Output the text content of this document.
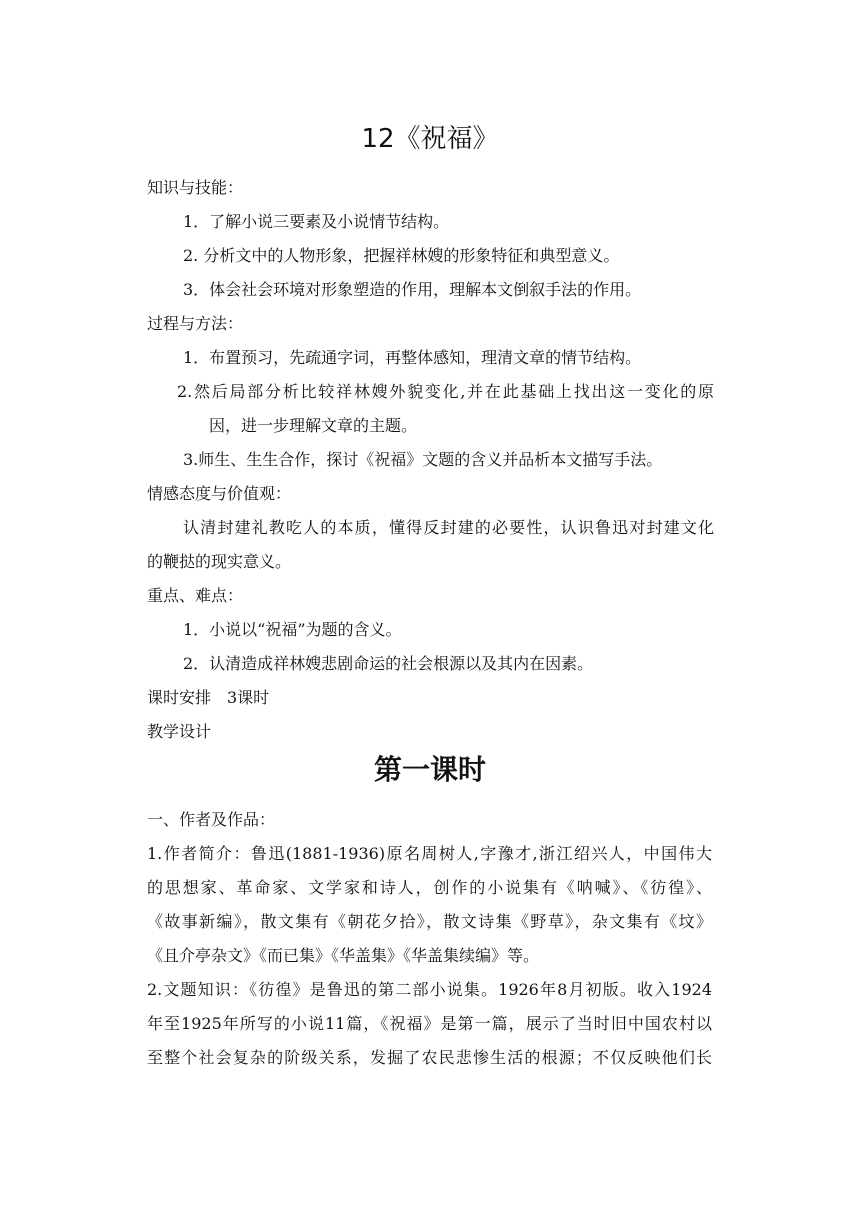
12《祝福》
知识与技能：
1．了解小说三要素及小说情节结构。
2. 分析文中的人物形象，把握祥林嫂的形象特征和典型意义。
3．体会社会环境对形象塑造的作用，理解本文倒叙手法的作用。
过程与方法：
1．布置预习，先疏通字词，再整体感知，理清文章的情节结构。
2.然后局部分析比较祥林嫂外貌变化,并在此基础上找出这一变化的原
因，进一步理解文章的主题。
3.师生、生生合作，探讨《祝福》文题的含义并品析本文描写手法。
情感态度与价值观：
认清封建礼教吃人的本质，懂得反封建的必要性，认识鲁迅对封建文化
的鞭挞的现实意义。
重点、难点：
1．小说以“祝福”为题的含义。
2．认清造成祥林嫂悲剧命运的社会根源以及其内在因素。
课时安排　3课时
教学设计
第一课时
一、作者及作品：
1.作者简介：鲁迅(1881-1936)原名周树人,字豫才,浙江绍兴人，中国伟大
的思想家、革命家、文学家和诗人，创作的小说集有《呐喊》、《彷徨》、
《故事新编》，散文集有《朝花夕拾》，散文诗集《野草》，杂文集有《坟》
《且介亭杂文》《而已集》《华盖集》《华盖集续编》等。
2.文题知识：《彷徨》是鲁迅的第二部小说集。1926年8月初版。收入1924
年至1925年所写的小说11篇，《祝福》是第一篇，展示了当时旧中国农村以
至整个社会复杂的阶级关系，发掘了农民悲惨生活的根源；不仅反映他们长
